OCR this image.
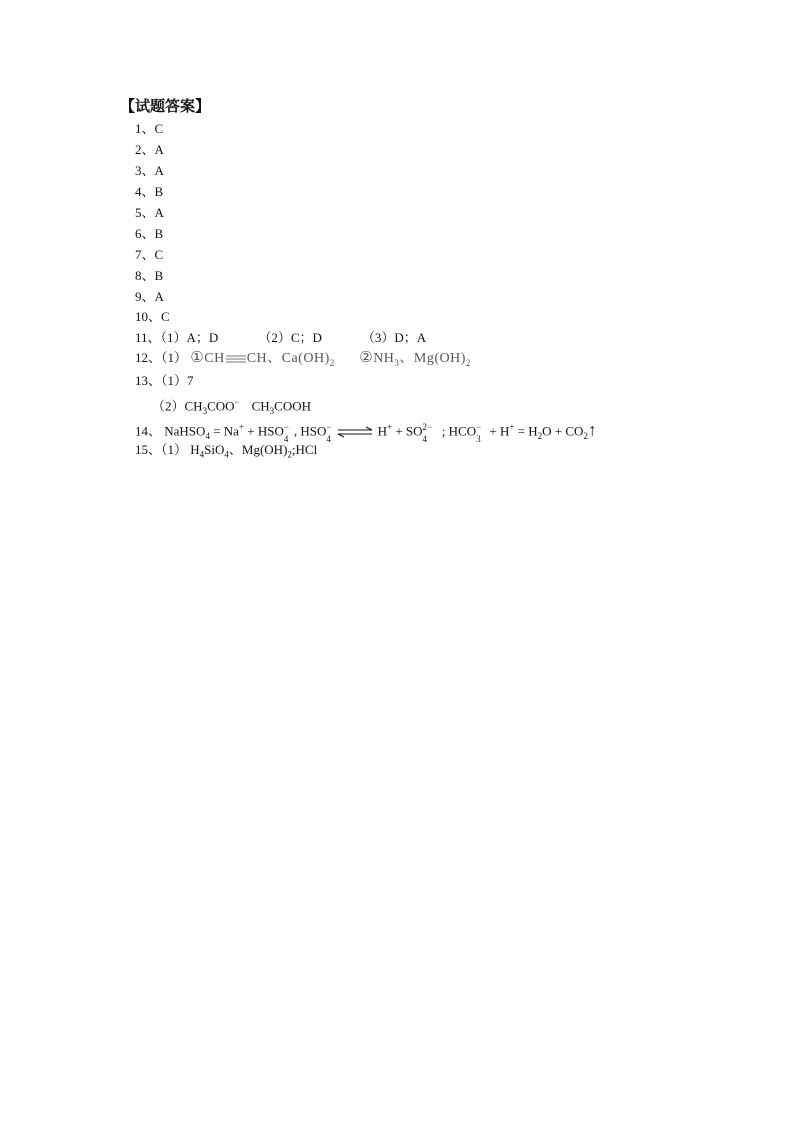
【试题答案】
1、C
2、A
3、A
4、B
5、A
6、B
7、C
8、B
9、A
10、C
11、（1）A；D	（2）C；D	（3）D；A
12、（1） ①CH CH、$Ca(OH)_2$ $②NH_3$、$Mg(OH)_2$
13、（1）7
$(2)CH_3COO^-$ $CH_3COOH$
14、 NaHSO$_4$ = Na+ + HSO −
4
, HSO −
4
⇌ H+ + SO 2−
4
; HCO −
3
+ $H^+ = H_2O$ + $CO_2↑$
15、（1） $H_4SiO_4$、$Mg(OH)_2;HCl$
